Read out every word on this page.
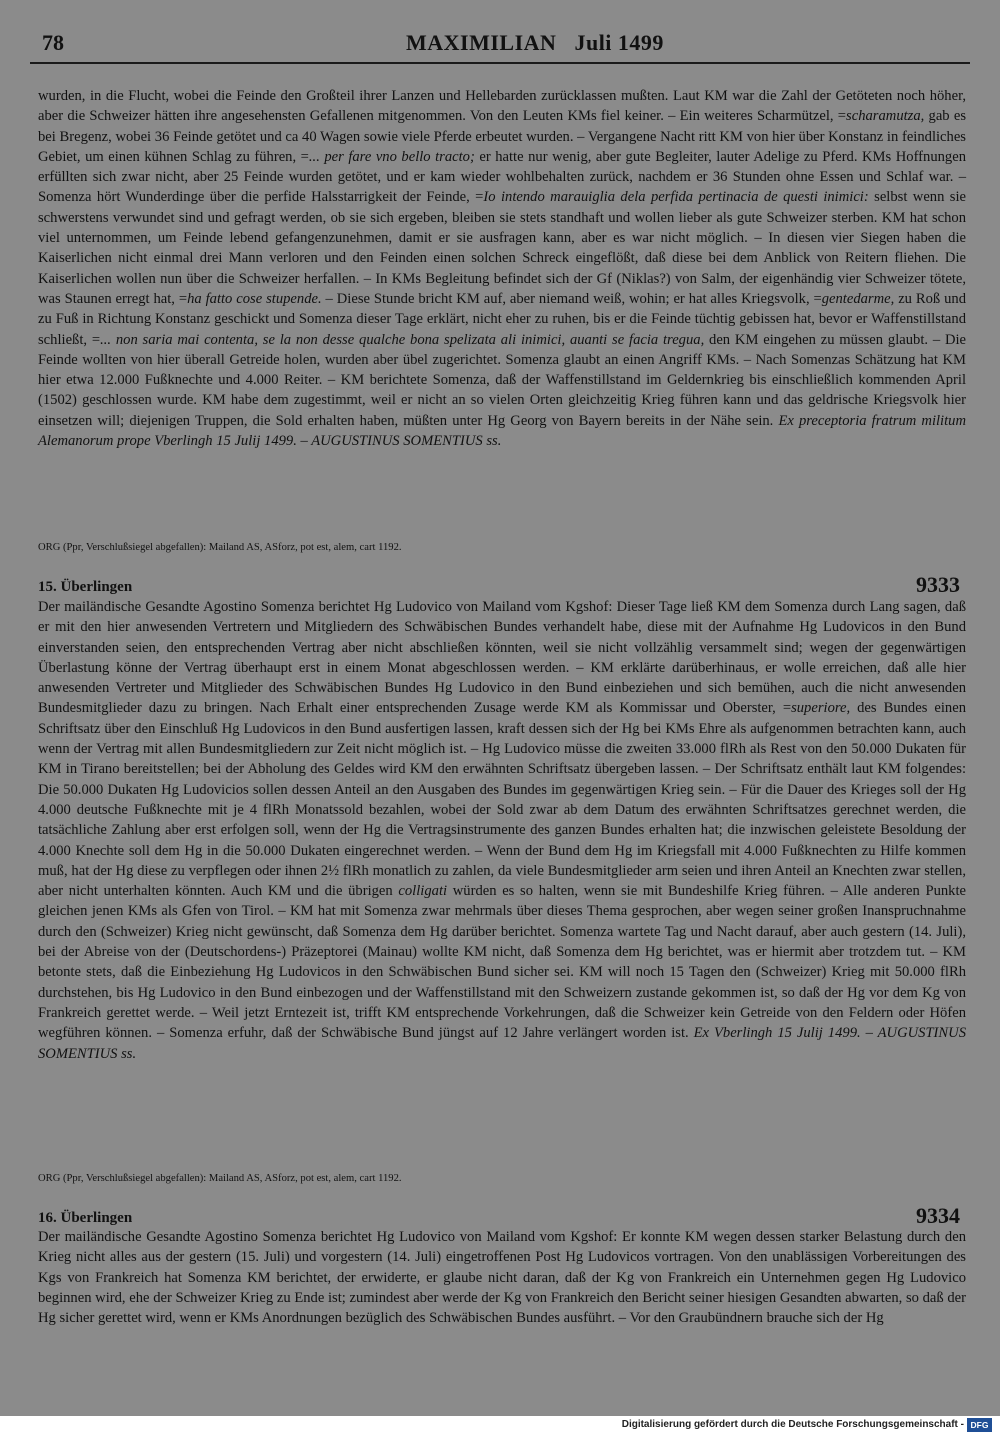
78	MAXIMILIAN Juli 1499

wurden, in die Flucht, wobei die Feinde den Großteil ihrer Lanzen und Hellebarden zurücklassen mußten. Laut KM war die Zahl der Getöteten noch höher, aber die Schweizer hätten ihre angesehensten Gefallenen mitgenommen. Von den Leuten KMs fiel keiner. – Ein weiteres Scharmützel, =scharamutza, gab es bei Bregenz, wobei 36 Feinde getötet und ca 40 Wagen sowie viele Pferde erbeutet wurden. – Vergangene Nacht ritt KM von hier über Konstanz in feindliches Gebiet, um einen kühnen Schlag zu führen, =... per fare vno bello tracto; er hatte nur wenig, aber gute Begleiter, lauter Adelige zu Pferd. KMs Hoffnungen erfüllten sich zwar nicht, aber 25 Feinde wurden getötet, und er kam wieder wohlbehalten zurück, nachdem er 36 Stunden ohne Essen und Schlaf war. – Somenza hört Wunderdinge über die perfide Halsstarrigkeit der Feinde, =Io intendo marauiglia dela perfida pertinacia de questi inimici: selbst wenn sie schwerstens verwundet sind und gefragt werden, ob sie sich ergeben, bleiben sie stets standhaft und wollen lieber als gute Schweizer sterben. KM hat schon viel unternommen, um Feinde lebend gefangenzunehmen, damit er sie ausfragen kann, aber es war nicht möglich. – In diesen vier Siegen haben die Kaiserlichen nicht einmal drei Mann verloren und den Feinden einen solchen Schreck eingeflößt, daß diese bei dem Anblick von Reitern fliehen. Die Kaiserlichen wollen nun über die Schweizer herfallen. – In KMs Begleitung befindet sich der Gf (Niklas?) von Salm, der eigenhändig vier Schweizer tötete, was Staunen erregt hat, =ha fatto cose stupende. – Diese Stunde bricht KM auf, aber niemand weiß, wohin; er hat alles Kriegsvolk, =gentedarme, zu Roß und zu Fuß in Richtung Konstanz geschickt und Somenza dieser Tage erklärt, nicht eher zu ruhen, bis er die Feinde tüchtig gebissen hat, bevor er Waffenstillstand schließt, =... non saria mai contenta, se la non desse qualche bona spelizata ali inimici, auanti se facia tregua, den KM eingehen zu müssen glaubt. – Die Feinde wollten von hier überall Getreide holen, wurden aber übel zugerichtet. Somenza glaubt an einen Angriff KMs. – Nach Somenzas Schätzung hat KM hier etwa 12.000 Fußknechte und 4.000 Reiter. – KM berichtete Somenza, daß der Waffenstillstand im Geldernkrieg bis einschließlich kommenden April (1502) geschlossen wurde. KM habe dem zugestimmt, weil er nicht an so vielen Orten gleichzeitig Krieg führen kann und das geldrische Kriegsvolk hier einsetzen will; diejenigen Truppen, die Sold erhalten haben, müßten unter Hg Georg von Bayern bereits in der Nähe sein. Ex preceptoria fratrum militum Alemanorum prope Vberlingh 15 Julij 1499. – AUGUSTINUS SOMENTIUS ss.

ORG (Ppr, Verschlußsiegel abgefallen): Mailand AS, ASforz, pot est, alem, cart 1192.
15. Überlingen	9333

Der mailändische Gesandte Agostino Somenza berichtet Hg Ludovico von Mailand vom Kgshof: Dieser Tage ließ KM dem Somenza durch Lang sagen, daß er mit den hier anwesenden Vertretern und Mitgliedern des Schwäbischen Bundes verhandelt habe, diese mit der Aufnahme Hg Ludovicos in den Bund einverstanden seien, den entsprechenden Vertrag aber nicht abschließen könnten, weil sie nicht vollzählig versammelt sind; wegen der gegenwärtigen Überlastung könne der Vertrag überhaupt erst in einem Monat abgeschlossen werden. – KM erklärte darüberhinaus, er wolle erreichen, daß alle hier anwesenden Vertreter und Mitglieder des Schwäbischen Bundes Hg Ludovico in den Bund einbeziehen und sich bemühen, auch die nicht anwesenden Bundesmitglieder dazu zu bringen. Nach Erhalt einer entsprechenden Zusage werde KM als Kommissar und Oberster, =superiore, des Bundes einen Schriftsatz über den Einschluß Hg Ludovicos in den Bund ausfertigen lassen, kraft dessen sich der Hg bei KMs Ehre als aufgenommen betrachten kann, auch wenn der Vertrag mit allen Bundesmitgliedern zur Zeit nicht möglich ist. – Hg Ludovico müsse die zweiten 33.000 flRh als Rest von den 50.000 Dukaten für KM in Tirano bereitstellen; bei der Abholung des Geldes wird KM den erwähnten Schriftsatz übergeben lassen. – Der Schriftsatz enthält laut KM folgendes: Die 50.000 Dukaten Hg Ludovicios sollen dessen Anteil an den Ausgaben des Bundes im gegenwärtigen Krieg sein. – Für die Dauer des Krieges soll der Hg 4.000 deutsche Fußknechte mit je 4 flRh Monatssold bezahlen, wobei der Sold zwar ab dem Datum des erwähnten Schriftsatzes gerechnet werden, die tatsächliche Zahlung aber erst erfolgen soll, wenn der Hg die Vertragsinstrumente des ganzen Bundes erhalten hat; die inzwischen geleistete Besoldung der 4.000 Knechte soll dem Hg in die 50.000 Dukaten eingerechnet werden. – Wenn der Bund dem Hg im Kriegsfall mit 4.000 Fußknechten zu Hilfe kommen muß, hat der Hg diese zu verpflegen oder ihnen 2½ flRh monatlich zu zahlen, da viele Bundesmitglieder arm seien und ihren Anteil an Knechten zwar stellen, aber nicht unterhalten könnten. Auch KM und die übrigen colligati würden es so halten, wenn sie mit Bundeshilfe Krieg führen. – Alle anderen Punkte gleichen jenen KMs als Gfen von Tirol. – KM hat mit Somenza zwar mehrmals über dieses Thema gesprochen, aber wegen seiner großen Inanspruchnahme durch den (Schweizer) Krieg nicht gewünscht, daß Somenza dem Hg darüber berichtet. Somenza wartete Tag und Nacht darauf, aber auch gestern (14. Juli), bei der Abreise von der (Deutschordens-) Präzeptorei (Mainau) wollte KM nicht, daß Somenza dem Hg berichtet, was er hiermit aber trotzdem tut. – KM betonte stets, daß die Einbeziehung Hg Ludovicos in den Schwäbischen Bund sicher sei. KM will noch 15 Tagen den (Schweizer) Krieg mit 50.000 flRh durchstehen, bis Hg Ludovico in den Bund einbezogen und der Waffenstillstand mit den Schweizern zustande gekommen ist, so daß der Hg vor dem Kg von Frankreich gerettet werde. – Weil jetzt Erntezeit ist, trifft KM entsprechende Vorkehrungen, daß die Schweizer kein Getreide von den Feldern oder Höfen wegführen können. – Somenza erfuhr, daß der Schwäbische Bund jüngst auf 12 Jahre verlängert worden ist. Ex Vberlingh 15 Julij 1499. – AUGUSTINUS SOMENTIUS ss.

ORG (Ppr, Verschlußsiegel abgefallen): Mailand AS, ASforz, pot est, alem, cart 1192.
16. Überlingen	9334

Der mailändische Gesandte Agostino Somenza berichtet Hg Ludovico von Mailand vom Kgshof: Er konnte KM wegen dessen starker Belastung durch den Krieg nicht alles aus der gestern (15. Juli) und vorgestern (14. Juli) eingetroffenen Post Hg Ludovicos vortragen. Von den unablässigen Vorbereitungen des Kgs von Frankreich hat Somenza KM berichtet, der erwiderte, er glaube nicht daran, daß der Kg von Frankreich ein Unternehmen gegen Hg Ludovico beginnen wird, ehe der Schweizer Krieg zu Ende ist; zumindest aber werde der Kg von Frankreich den Bericht seiner hiesigen Gesandten abwarten, so daß der Hg sicher gerettet wird, wenn er KMs Anordnungen bezüglich des Schwäbischen Bundes ausführt. – Vor den Graubündnern brauche sich der Hg

Digitalisierung gefördert durch die Deutsche Forschungsgemeinschaft - DFG
